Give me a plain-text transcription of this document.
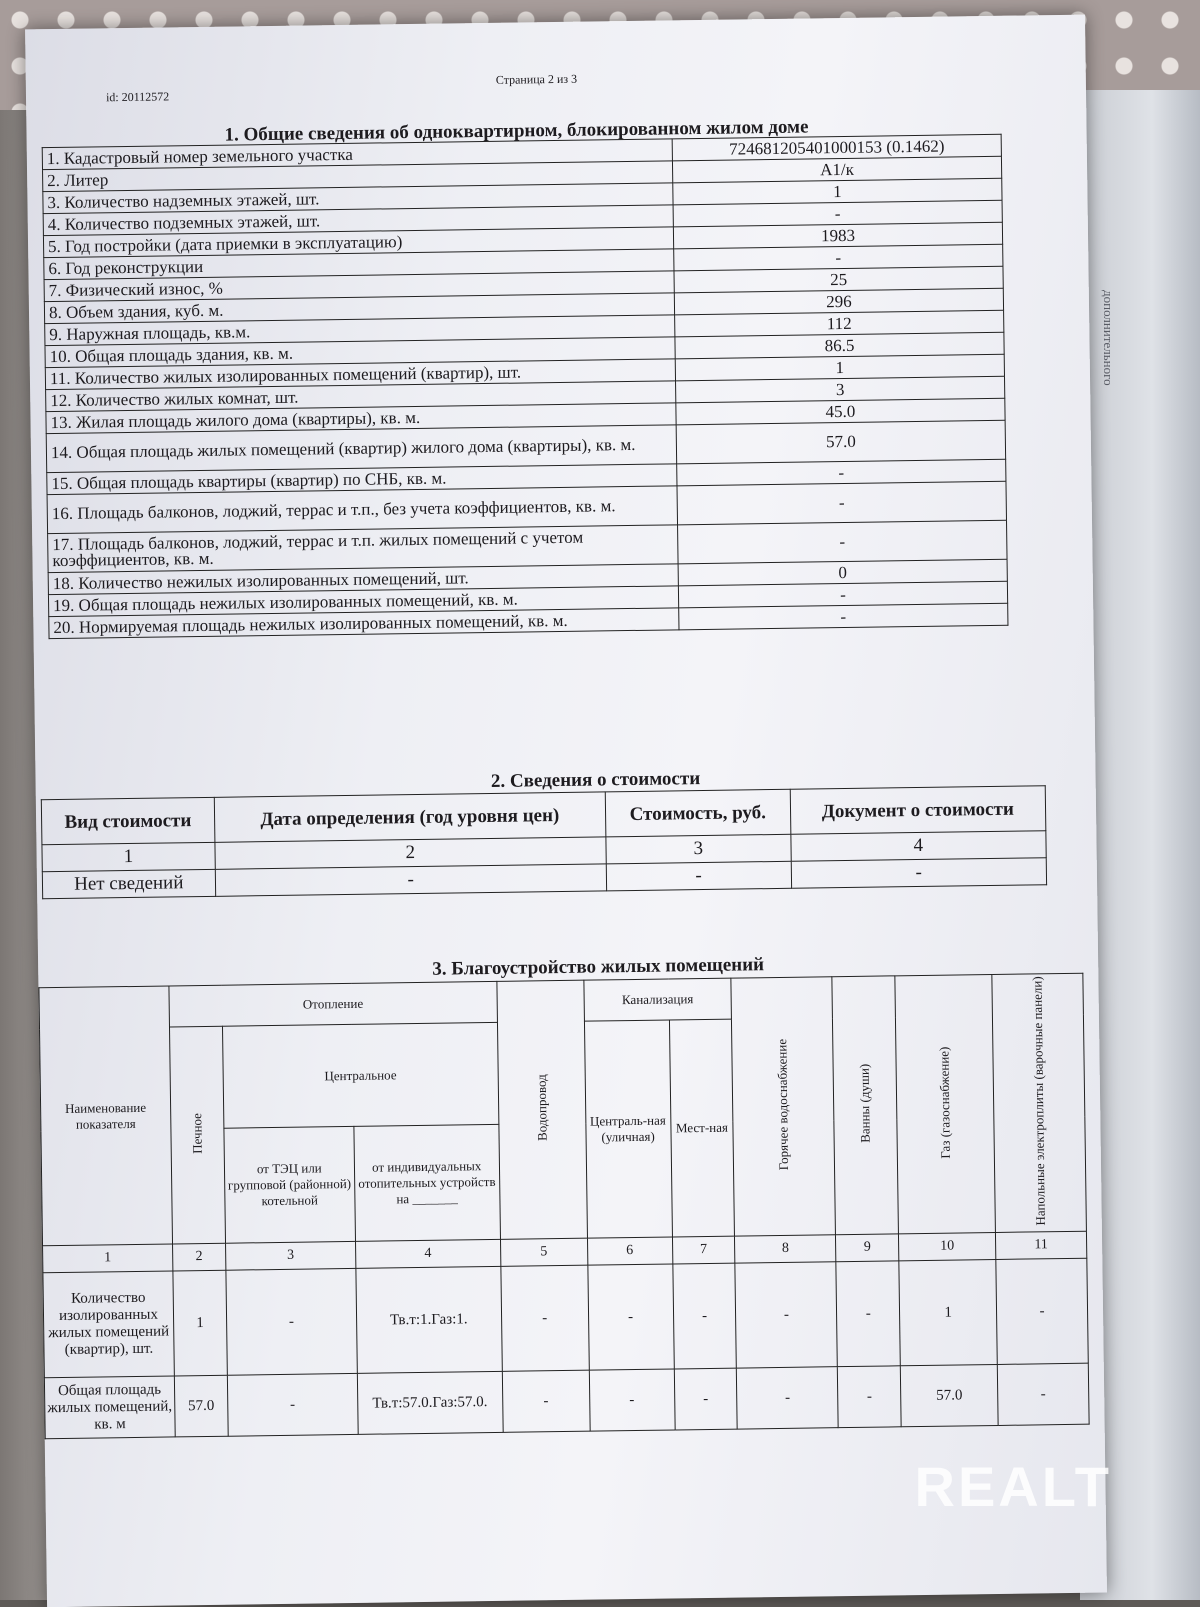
дополнительного
id: 20112572
Страница 2 из 3
1. Общие сведения об одноквартирном, блокированном жилом доме
1. Кадастровый номер земельного участка	724681205401000153 (0.1462)
2. Литер	А1/к
3. Количество надземных этажей, шт.	1
4. Количество подземных этажей, шт.	-
5. Год постройки (дата приемки в эксплуатацию)	1983
6. Год реконструкции	-
7. Физический износ, %	25
8. Объем здания, куб. м.	296
9. Наружная площадь, кв.м.	112
10. Общая площадь здания, кв. м.	86.5
11. Количество жилых изолированных помещений (квартир), шт.	1
12. Количество жилых комнат, шт.	3
13. Жилая площадь жилого дома (квартиры), кв. м.	45.0
14. Общая площадь жилых помещений (квартир) жилого дома (квартиры), кв. м.	57.0
15. Общая площадь квартиры (квартир) по СНБ, кв. м.	-
16. Площадь балконов, лоджий, террас и т.п., без учета коэффициентов, кв. м.	-
17. Площадь балконов, лоджий, террас и т.п. жилых помещений с учетом коэффициентов, кв. м.	-
18. Количество нежилых изолированных помещений, шт.	0
19. Общая площадь нежилых изолированных помещений, кв. м.	-
20. Нормируемая площадь нежилых изолированных помещений, кв. м.	-
2. Сведения о стоимости
Вид стоимости	Дата определения (год уровня цен)	Стоимость, руб.	Документ о стоимости
1	2	3	4
Нет сведений	-	-	-
3. Благоустройство жилых помещений
Наименование показателя	Отопление			Водопровод	Канализация		Горячее водоснабжение	Ванны (души)	Газ (газоснабжение)	Напольные электроплиты (варочные панели)
	Печное	Центральное			Централь-ная (уличная)	Мест-ная				
		от ТЭЦ или групповой (районной) котельной	от индивидуальных отопительных устройств на _______							
1	2	3	4	5	6	7	8	9	10	11
Количество изолированных жилых помещений (квартир), шт.	1	-	Тв.т:1.Газ:1.	-	-	-	-	-	1	-
Общая площадь жилых помещений, кв. м	57.0	-	Тв.т:57.0.Газ:57.0.	-	-	-	-	-	57.0	-
REALT
